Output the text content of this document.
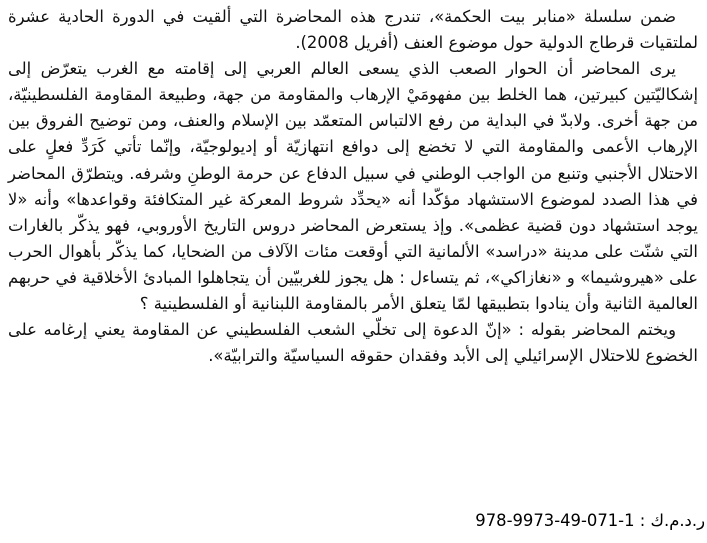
ضمن سلسلة «منابر بيت الحكمة»، تندرج هذه المحاضرة التي ألقيت في الدورة الحادية عشرة لملتقيات قرطاج الدولية حول موضوع العنف (أفريل 2008).

يرى المحاضر أن الحوار الصعب الذي يسعى العالم العربي إلى إقامته مع الغرب يتعرّض إلى إشكاليّتين كبيرتين، هما الخلط بين مفهومَيْ الإرهاب والمقاومة من جهة، وطبيعة المقاومة الفلسطينيّة، من جهة أخرى. ولابدّ في البداية من رفع الالتباس المتعمّد بين الإسلام والعنف، ومن توضيح الفروق بين الإرهاب الأعمى والمقاومة التي لا تخضع إلى دوافع انتهازيّة أو إديولوجيّة، وإنّما تأتي كَرَدِّ فعلٍ على الاحتلال الأجنبي وتنبع من الواجب الوطني في سبيل الدفاع عن حرمة الوطنِ وشرفه. ويتطرّق المحاضر في هذا الصدد لموضوع الاستشهاد مؤكّدا أنه «يحدِّد شروط المعركة غير المتكافئة وقواعدها» وأنه «لا يوجد استشهاد دون قضية عظمى». وإذ يستعرض المحاضر دروس التاريخ الأوروبي، فهو يذكّر بالغارات التي شنّت على مدينة «دراسد» الألمانية التي أوقعت مئات الآلاف من الضحايا، كما يذكّر بأهوال الحرب على «هيروشيما» و «نغازاكي»، ثم يتساءل : هل يجوز للغربيّين أن يتجاهلوا المبادئ الأخلاقية في حربهم العالمية الثانية وأن ينادوا بتطبيقها لمّا يتعلق الأمر بالمقاومة اللبنانية أو الفلسطينية ؟

ويختم المحاضر بقوله : «إنّ الدعوة إلى تخلّي الشعب الفلسطيني عن المقاومة يعني إرغامه على الخضوع للاحتلال الإسرائيلي إلى الأبد وفقدان حقوقه السياسيّة والترابيّة».

ر.د.م.ك : 978-9973-49-071-1
